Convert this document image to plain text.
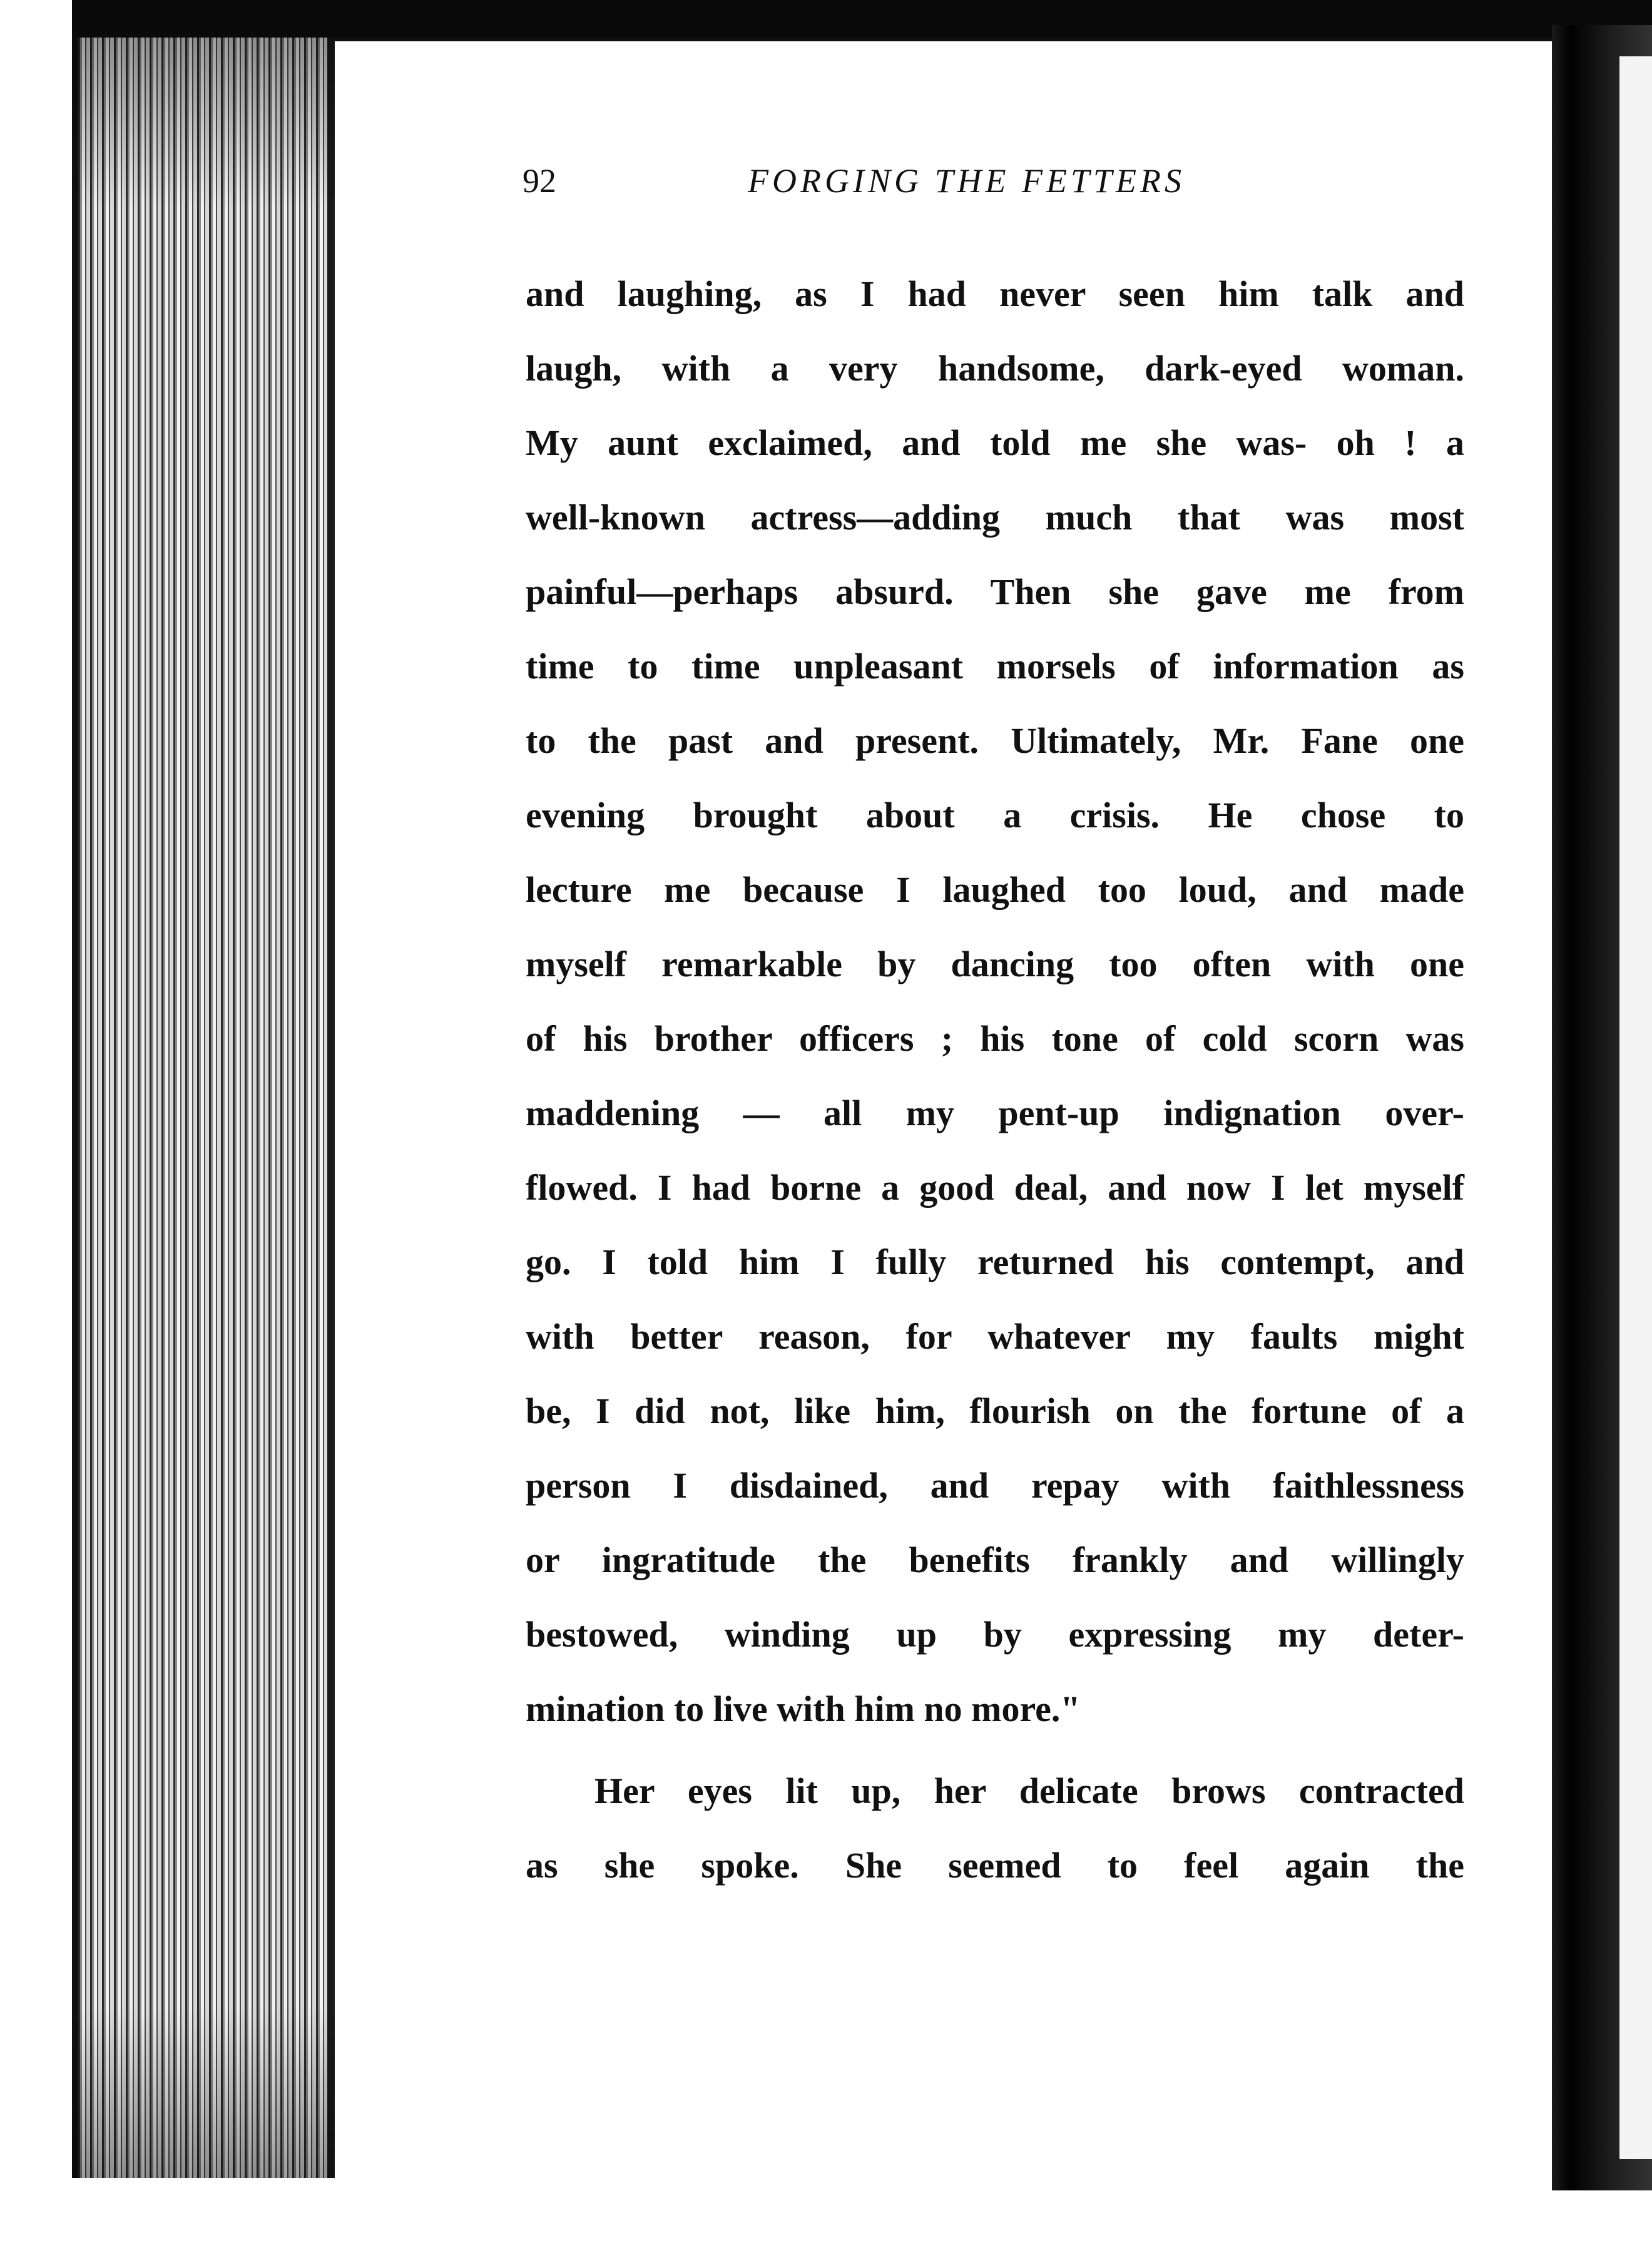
92	FORGING THE FETTERS
and laughing, as I had never seen him talk and
laugh, with a very handsome, dark-eyed woman.
My aunt exclaimed, and told me she was- oh ! a
well-known actress—adding much that was most
painful—perhaps absurd. Then she gave me from
time to time unpleasant morsels of information as
to the past and present. Ultimately, Mr. Fane one
evening brought about a crisis. He chose to
lecture me because I laughed too loud, and made
myself remarkable by dancing too often with one
of his brother officers ; his tone of cold scorn was
maddening — all my pent-up indignation over-
flowed. I had borne a good deal, and now I let myself
go. I told him I fully returned his contempt, and
with better reason, for whatever my faults might
be, I did not, like him, flourish on the fortune of a
person I disdained, and repay with faithlessness
or ingratitude the benefits frankly and willingly
bestowed, winding up by expressing my deter-
mination to live with him no more."
Her eyes lit up, her delicate brows contracted
as she spoke. She seemed to feel again the
